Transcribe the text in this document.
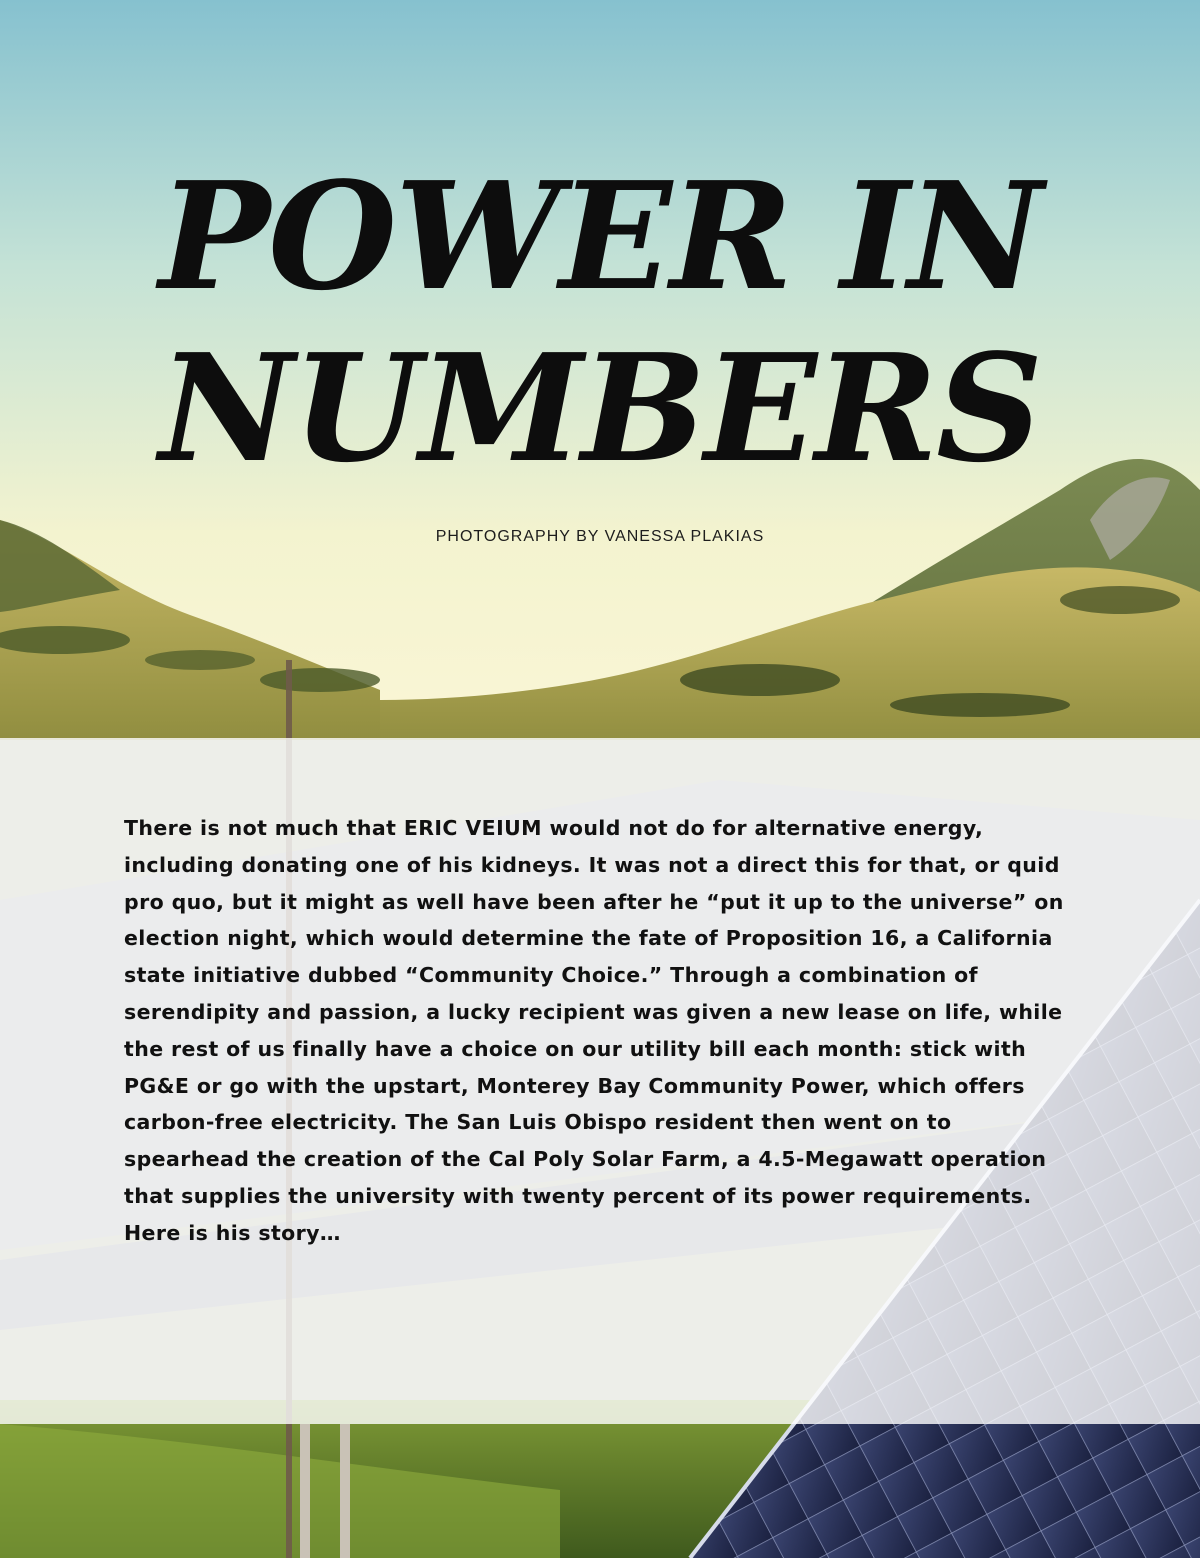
POWER IN
NUMBERS
PHOTOGRAPHY BY VANESSA PLAKIAS

There is not much that ERIC VEIUM would not do for alternative energy, including donating one of his kidneys. It was not a direct this for that, or quid pro quo, but it might as well have been after he “put it up to the universe” on election night, which would determine the fate of Proposition 16, a California state initiative dubbed “Community Choice.” Through a combination of serendipity and passion, a lucky recipient was given a new lease on life, while the rest of us finally have a choice on our utility bill each month: stick with PG&E or go with the upstart, Monterey Bay Community Power, which offers carbon-free electricity. The San Luis Obispo resident then went on to spearhead the creation of the Cal Poly Solar Farm, a 4.5-Megawatt operation that supplies the university with twenty percent of its power requirements. Here is his story…
